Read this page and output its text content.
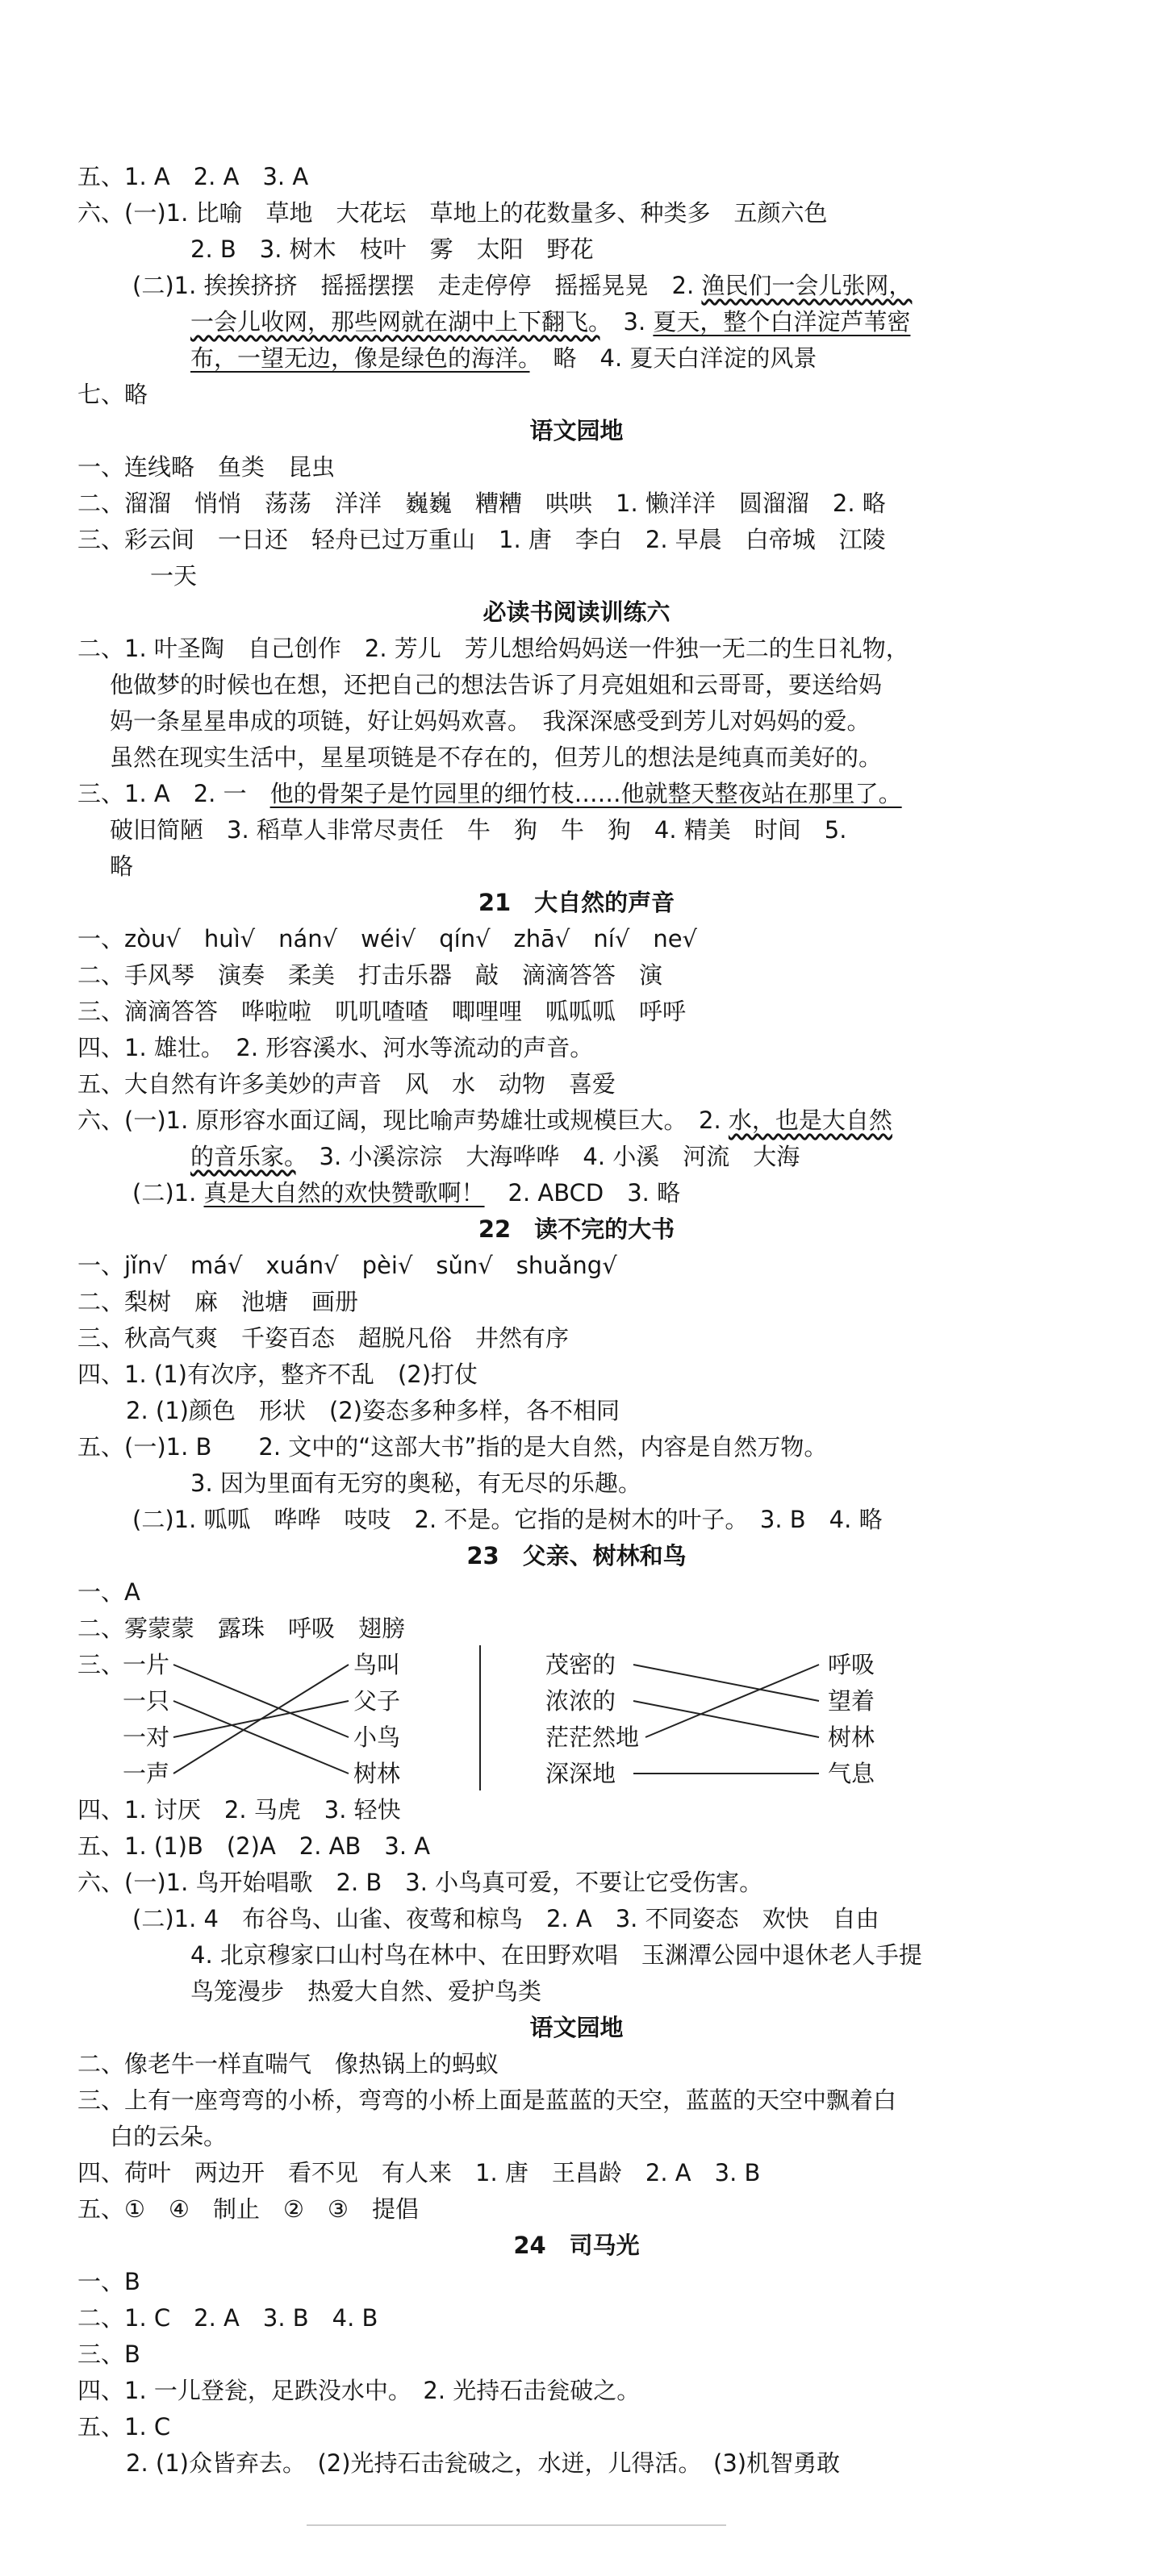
五、1. A　2. A　3. A
六、(一)1. 比喻　草地　大花坛　草地上的花数量多、种类多　五颜六色
2. B　3. 树木　枝叶　雾　太阳　野花
(二)1. 挨挨挤挤　摇摇摆摆　走走停停　摇摇晃晃　2. 渔民们一会儿张网，
一会儿收网，那些网就在湖中上下翻飞。　3. 夏天，整个白洋淀芦苇密
布，一望无边，像是绿色的海洋。　略　4. 夏天白洋淀的风景
七、略
语文园地
一、连线略　鱼类　昆虫
二、溜溜　悄悄　荡荡　洋洋　巍巍　糟糟　哄哄　1. 懒洋洋　圆溜溜　2. 略
三、彩云间　一日还　轻舟已过万重山　1. 唐　李白　2. 早晨　白帝城　江陵
一天
必读书阅读训练六
二、1. 叶圣陶　自己创作　2. 芳儿　芳儿想给妈妈送一件独一无二的生日礼物，
他做梦的时候也在想，还把自己的想法告诉了月亮姐姐和云哥哥，要送给妈
妈一条星星串成的项链，好让妈妈欢喜。　我深深感受到芳儿对妈妈的爱。
虽然在现实生活中，星星项链是不存在的，但芳儿的想法是纯真而美好的。
三、1. A　2. 一　他的骨架子是竹园里的细竹枝……他就整天整夜站在那里了。
破旧简陋　3. 稻草人非常尽责任　牛　狗　牛　狗　4. 精美　时间　5.
略
21　大自然的声音
一、zòu√　huì√　nán√　wéi√　qín√　zhā√　ní√　ne√
二、手风琴　演奏　柔美　打击乐器　敲　滴滴答答　演
三、滴滴答答　哗啦啦　叽叽喳喳　唧哩哩　呱呱呱　呼呼
四、1. 雄壮。　2. 形容溪水、河水等流动的声音。
五、大自然有许多美妙的声音　风　水　动物　喜爱
六、(一)1. 原形容水面辽阔，现比喻声势雄壮或规模巨大。　2. 水，也是大自然
的音乐家。　3. 小溪淙淙　大海哗哗　4. 小溪　河流　大海
(二)1. 真是大自然的欢快赞歌啊！　2. ABCD　3. 略
22　读不完的大书
一、jǐn√　má√　xuán√　pèi√　sǔn√　shuǎng√
二、梨树　麻　池塘　画册
三、秋高气爽　千姿百态　超脱凡俗　井然有序
四、1. (1)有次序，整齐不乱　(2)打仗
2. (1)颜色　形状　(2)姿态多种多样，各不相同
五、(一)1. B　　2. 文中的“这部大书”指的是大自然，内容是自然万物。
3. 因为里面有无穷的奥秘，有无尽的乐趣。
(二)1. 呱呱　哗哗　吱吱　2. 不是。它指的是树木的叶子。　3. B　4. 略
23　父亲、树林和鸟
一、A
二、雾蒙蒙　露珠　呼吸　翅膀
三、
一片
一只
一对
一声
鸟叫
父子
小鸟
树林
茂密的
浓浓的
茫茫然地
深深地
呼吸
望着
树林
气息
四、1. 讨厌　2. 马虎　3. 轻快
五、1. (1)B　(2)A　2. AB　3. A
六、(一)1. 鸟开始唱歌　2. B　3. 小鸟真可爱，不要让它受伤害。
(二)1. 4　布谷鸟、山雀、夜莺和椋鸟　2. A　3. 不同姿态　欢快　自由
4. 北京穆家口山村鸟在林中、在田野欢唱　玉渊潭公园中退休老人手提
鸟笼漫步　热爱大自然、爱护鸟类
语文园地
二、像老牛一样直喘气　像热锅上的蚂蚁
三、上有一座弯弯的小桥，弯弯的小桥上面是蓝蓝的天空，蓝蓝的天空中飘着白
白的云朵。
四、荷叶　两边开　看不见　有人来　1. 唐　王昌龄　2. A　3. B
五、①　④　制止　②　③　提倡
24　司马光
一、B
二、1. C　2. A　3. B　4. B
三、B
四、1. 一儿登瓮，足跌没水中。　2. 光持石击瓮破之。
五、1. C
2. (1)众皆弃去。　(2)光持石击瓮破之，水迸，儿得活。　(3)机智勇敢
